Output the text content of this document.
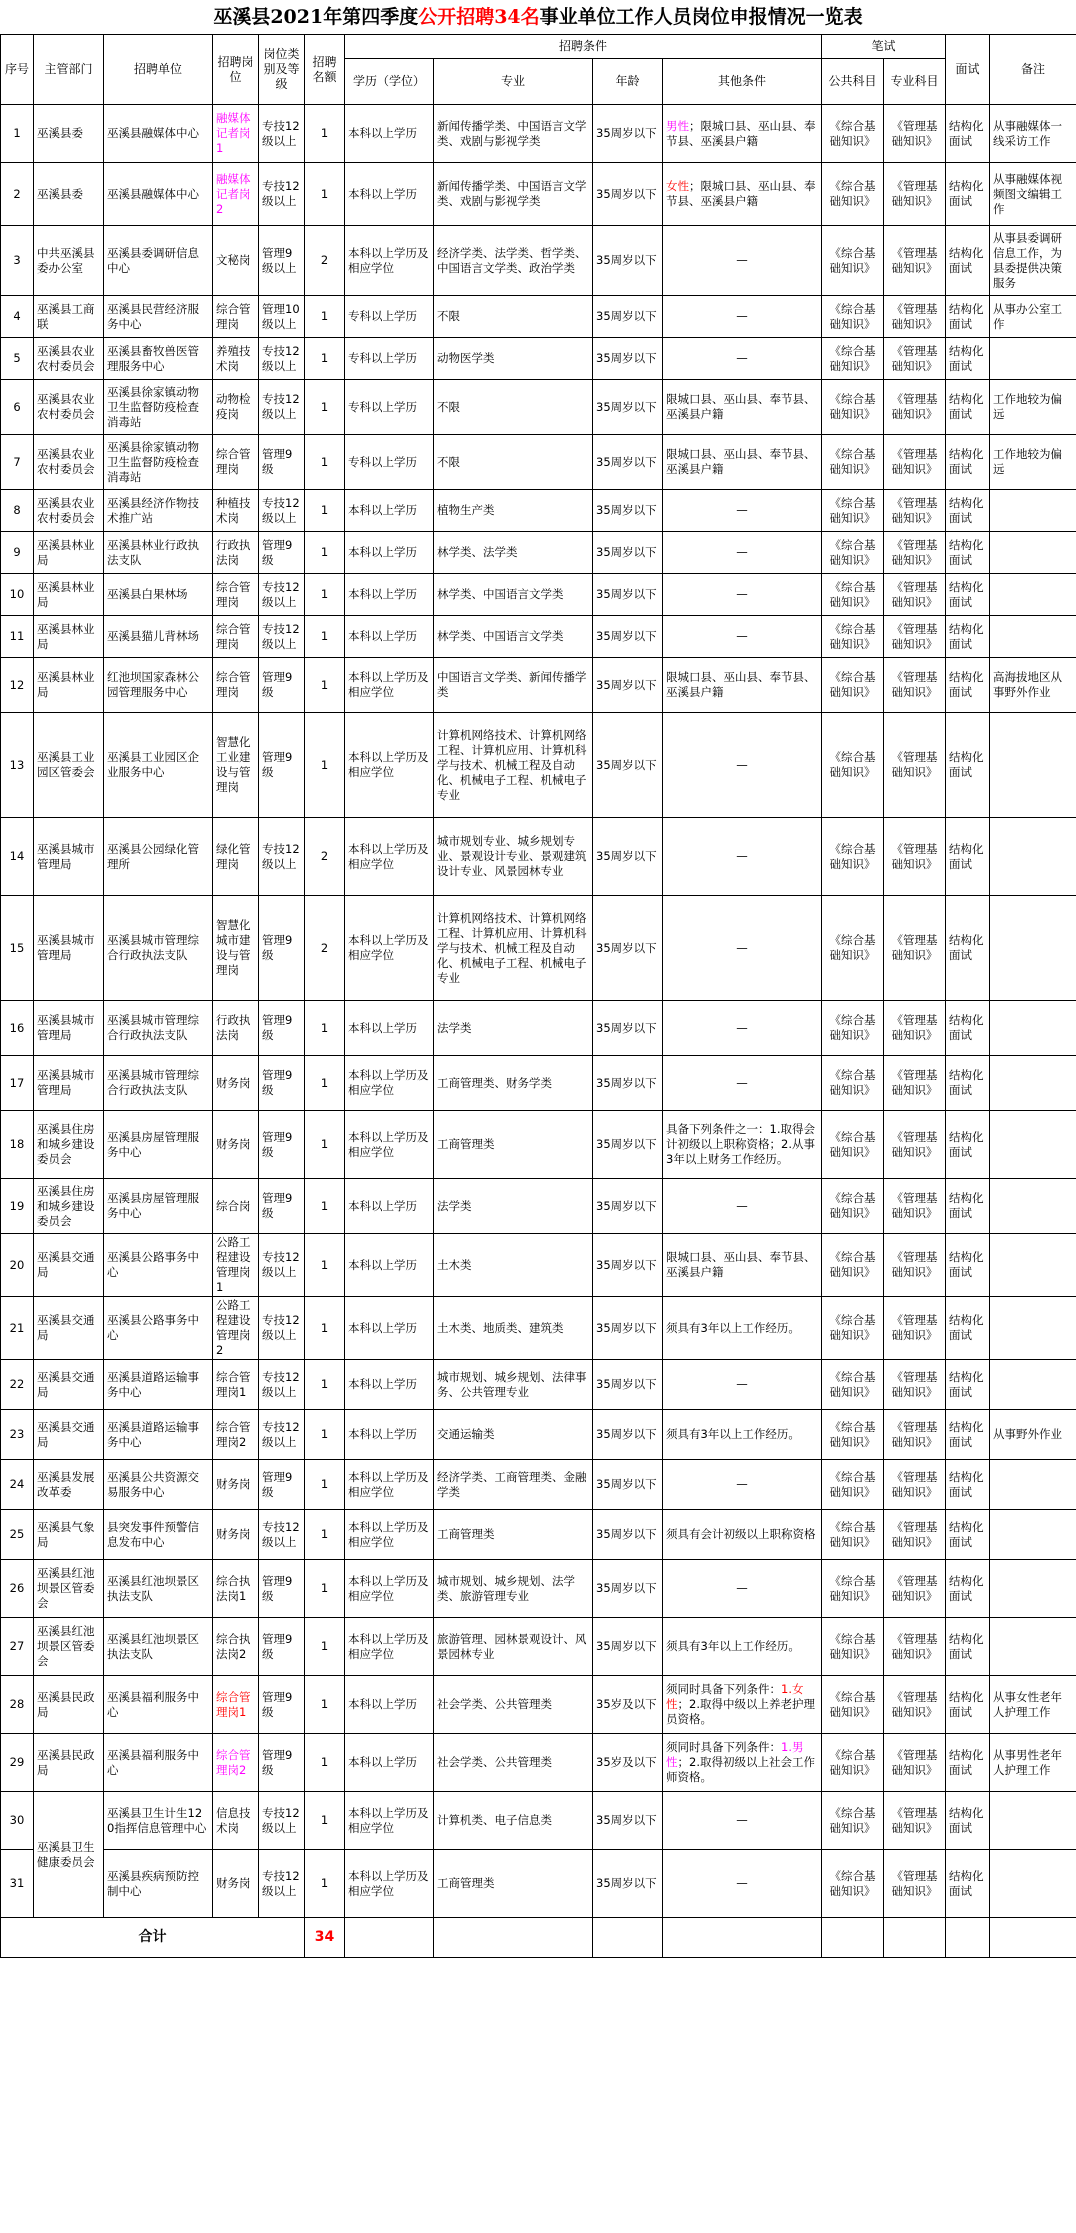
巫溪县2021年第四季度公开招聘34名事业单位工作人员岗位申报情况一览表
序号	主管部门	招聘单位	招聘岗位	岗位类别及等级	招聘名额	招聘条件				笔试		面试	备注
						学历（学位）	专业	年龄	其他条件	公共科目	专业科目		
1	巫溪县委	巫溪县融媒体中心	融媒体记者岗1	专技12级以上	1	本科以上学历	新闻传播学类、中国语言文学类、戏剧与影视学类	35周岁以下	男性；限城口县、巫山县、奉节县、巫溪县户籍	《综合基础知识》	《管理基础知识》	结构化面试	从事融媒体一线采访工作
2	巫溪县委	巫溪县融媒体中心	融媒体记者岗2	专技12级以上	1	本科以上学历	新闻传播学类、中国语言文学类、戏剧与影视学类	35周岁以下	女性；限城口县、巫山县、奉节县、巫溪县户籍	《综合基础知识》	《管理基础知识》	结构化面试	从事融媒体视频图文编辑工作
3	中共巫溪县委办公室	巫溪县委调研信息中心	文秘岗	管理9级以上	2	本科以上学历及相应学位	经济学类、法学类、哲学类、中国语言文学类、政治学类	35周岁以下	—	《综合基础知识》	《管理基础知识》	结构化面试	从事县委调研信息工作，为县委提供决策服务
4	巫溪县工商联	巫溪县民营经济服务中心	综合管理岗	管理10级以上	1	专科以上学历	不限	35周岁以下	—	《综合基础知识》	《管理基础知识》	结构化面试	从事办公室工作
5	巫溪县农业农村委员会	巫溪县畜牧兽医管理服务中心	养殖技术岗	专技12级以上	1	专科以上学历	动物医学类	35周岁以下	—	《综合基础知识》	《管理基础知识》	结构化面试	
6	巫溪县农业农村委员会	巫溪县徐家镇动物卫生监督防疫检查消毒站	动物检疫岗	专技12级以上	1	专科以上学历	不限	35周岁以下	限城口县、巫山县、奉节县、巫溪县户籍	《综合基础知识》	《管理基础知识》	结构化面试	工作地较为偏远
7	巫溪县农业农村委员会	巫溪县徐家镇动物卫生监督防疫检查消毒站	综合管理岗	管理9级	1	专科以上学历	不限	35周岁以下	限城口县、巫山县、奉节县、巫溪县户籍	《综合基础知识》	《管理基础知识》	结构化面试	工作地较为偏远
8	巫溪县农业农村委员会	巫溪县经济作物技术推广站	种植技术岗	专技12级以上	1	本科以上学历	植物生产类	35周岁以下	—	《综合基础知识》	《管理基础知识》	结构化面试	
9	巫溪县林业局	巫溪县林业行政执法支队	行政执法岗	管理9级	1	本科以上学历	林学类、法学类	35周岁以下	—	《综合基础知识》	《管理基础知识》	结构化面试	
10	巫溪县林业局	巫溪县白果林场	综合管理岗	专技12级以上	1	本科以上学历	林学类、中国语言文学类	35周岁以下	—	《综合基础知识》	《管理基础知识》	结构化面试	
11	巫溪县林业局	巫溪县猫儿背林场	综合管理岗	专技12级以上	1	本科以上学历	林学类、中国语言文学类	35周岁以下	—	《综合基础知识》	《管理基础知识》	结构化面试	
12	巫溪县林业局	红池坝国家森林公园管理服务中心	综合管理岗	管理9级	1	本科以上学历及相应学位	中国语言文学类、新闻传播学类	35周岁以下	限城口县、巫山县、奉节县、巫溪县户籍	《综合基础知识》	《管理基础知识》	结构化面试	高海拔地区从事野外作业
13	巫溪县工业园区管委会	巫溪县工业园区企业服务中心	智慧化工业建设与管理岗	管理9级	1	本科以上学历及相应学位	计算机网络技术、计算机网络工程、计算机应用、计算机科学与技术、机械工程及自动化、机械电子工程、机械电子专业	35周岁以下	—	《综合基础知识》	《管理基础知识》	结构化面试	
14	巫溪县城市管理局	巫溪县公园绿化管理所	绿化管理岗	专技12级以上	2	本科以上学历及相应学位	城市规划专业、城乡规划专业、景观设计专业、景观建筑设计专业、风景园林专业	35周岁以下	—	《综合基础知识》	《管理基础知识》	结构化面试	
15	巫溪县城市管理局	巫溪县城市管理综合行政执法支队	智慧化城市建设与管理岗	管理9级	2	本科以上学历及相应学位	计算机网络技术、计算机网络工程、计算机应用、计算机科学与技术、机械工程及自动化、机械电子工程、机械电子专业	35周岁以下	—	《综合基础知识》	《管理基础知识》	结构化面试	
16	巫溪县城市管理局	巫溪县城市管理综合行政执法支队	行政执法岗	管理9级	1	本科以上学历	法学类	35周岁以下	—	《综合基础知识》	《管理基础知识》	结构化面试	
17	巫溪县城市管理局	巫溪县城市管理综合行政执法支队	财务岗	管理9级	1	本科以上学历及相应学位	工商管理类、财务学类	35周岁以下	—	《综合基础知识》	《管理基础知识》	结构化面试	
18	巫溪县住房和城乡建设委员会	巫溪县房屋管理服务中心	财务岗	管理9级	1	本科以上学历及相应学位	工商管理类	35周岁以下	具备下列条件之一：1.取得会计初级以上职称资格；2.从事3年以上财务工作经历。	《综合基础知识》	《管理基础知识》	结构化面试	
19	巫溪县住房和城乡建设委员会	巫溪县房屋管理服务中心	综合岗	管理9级	1	本科以上学历	法学类	35周岁以下	—	《综合基础知识》	《管理基础知识》	结构化面试	
20	巫溪县交通局	巫溪县公路事务中心	公路工程建设管理岗1	专技12级以上	1	本科以上学历	土木类	35周岁以下	限城口县、巫山县、奉节县、巫溪县户籍	《综合基础知识》	《管理基础知识》	结构化面试	
21	巫溪县交通局	巫溪县公路事务中心	公路工程建设管理岗2	专技12级以上	1	本科以上学历	土木类、地质类、建筑类	35周岁以下	须具有3年以上工作经历。	《综合基础知识》	《管理基础知识》	结构化面试	
22	巫溪县交通局	巫溪县道路运输事务中心	综合管理岗1	专技12级以上	1	本科以上学历	城市规划、城乡规划、法律事务、公共管理专业	35周岁以下	—	《综合基础知识》	《管理基础知识》	结构化面试	
23	巫溪县交通局	巫溪县道路运输事务中心	综合管理岗2	专技12级以上	1	本科以上学历	交通运输类	35周岁以下	须具有3年以上工作经历。	《综合基础知识》	《管理基础知识》	结构化面试	从事野外作业
24	巫溪县发展改革委	巫溪县公共资源交易服务中心	财务岗	管理9级	1	本科以上学历及相应学位	经济学类、工商管理类、金融学类	35周岁以下	—	《综合基础知识》	《管理基础知识》	结构化面试	
25	巫溪县气象局	县突发事件预警信息发布中心	财务岗	专技12级以上	1	本科以上学历及相应学位	工商管理类	35周岁以下	须具有会计初级以上职称资格	《综合基础知识》	《管理基础知识》	结构化面试	
26	巫溪县红池坝景区管委会	巫溪县红池坝景区执法支队	综合执法岗1	管理9级	1	本科以上学历及相应学位	城市规划、城乡规划、法学类、旅游管理专业	35周岁以下	—	《综合基础知识》	《管理基础知识》	结构化面试	
27	巫溪县红池坝景区管委会	巫溪县红池坝景区执法支队	综合执法岗2	管理9级	1	本科以上学历及相应学位	旅游管理、园林景观设计、风景园林专业	35周岁以下	须具有3年以上工作经历。	《综合基础知识》	《管理基础知识》	结构化面试	
28	巫溪县民政局	巫溪县福利服务中心	综合管理岗1	管理9级	1	本科以上学历	社会学类、公共管理类	35岁及以下	须同时具备下列条件：1.女性；2.取得中级以上养老护理员资格。	《综合基础知识》	《管理基础知识》	结构化面试	从事女性老年人护理工作
29	巫溪县民政局	巫溪县福利服务中心	综合管理岗2	管理9级	1	本科以上学历	社会学类、公共管理类	35岁及以下	须同时具备下列条件：1.男性；2.取得初级以上社会工作师资格。	《综合基础知识》	《管理基础知识》	结构化面试	从事男性老年人护理工作
30	巫溪县卫生健康委员会	巫溪县卫生计生120指挥信息管理中心	信息技术岗	专技12级以上	1	本科以上学历及相应学位	计算机类、电子信息类	35周岁以下	—	《综合基础知识》	《管理基础知识》	结构化面试	
31		巫溪县疾病预防控制中心	财务岗	专技12级以上	1	本科以上学历及相应学位	工商管理类	35周岁以下	—	《综合基础知识》	《管理基础知识》	结构化面试	
合计					34								
